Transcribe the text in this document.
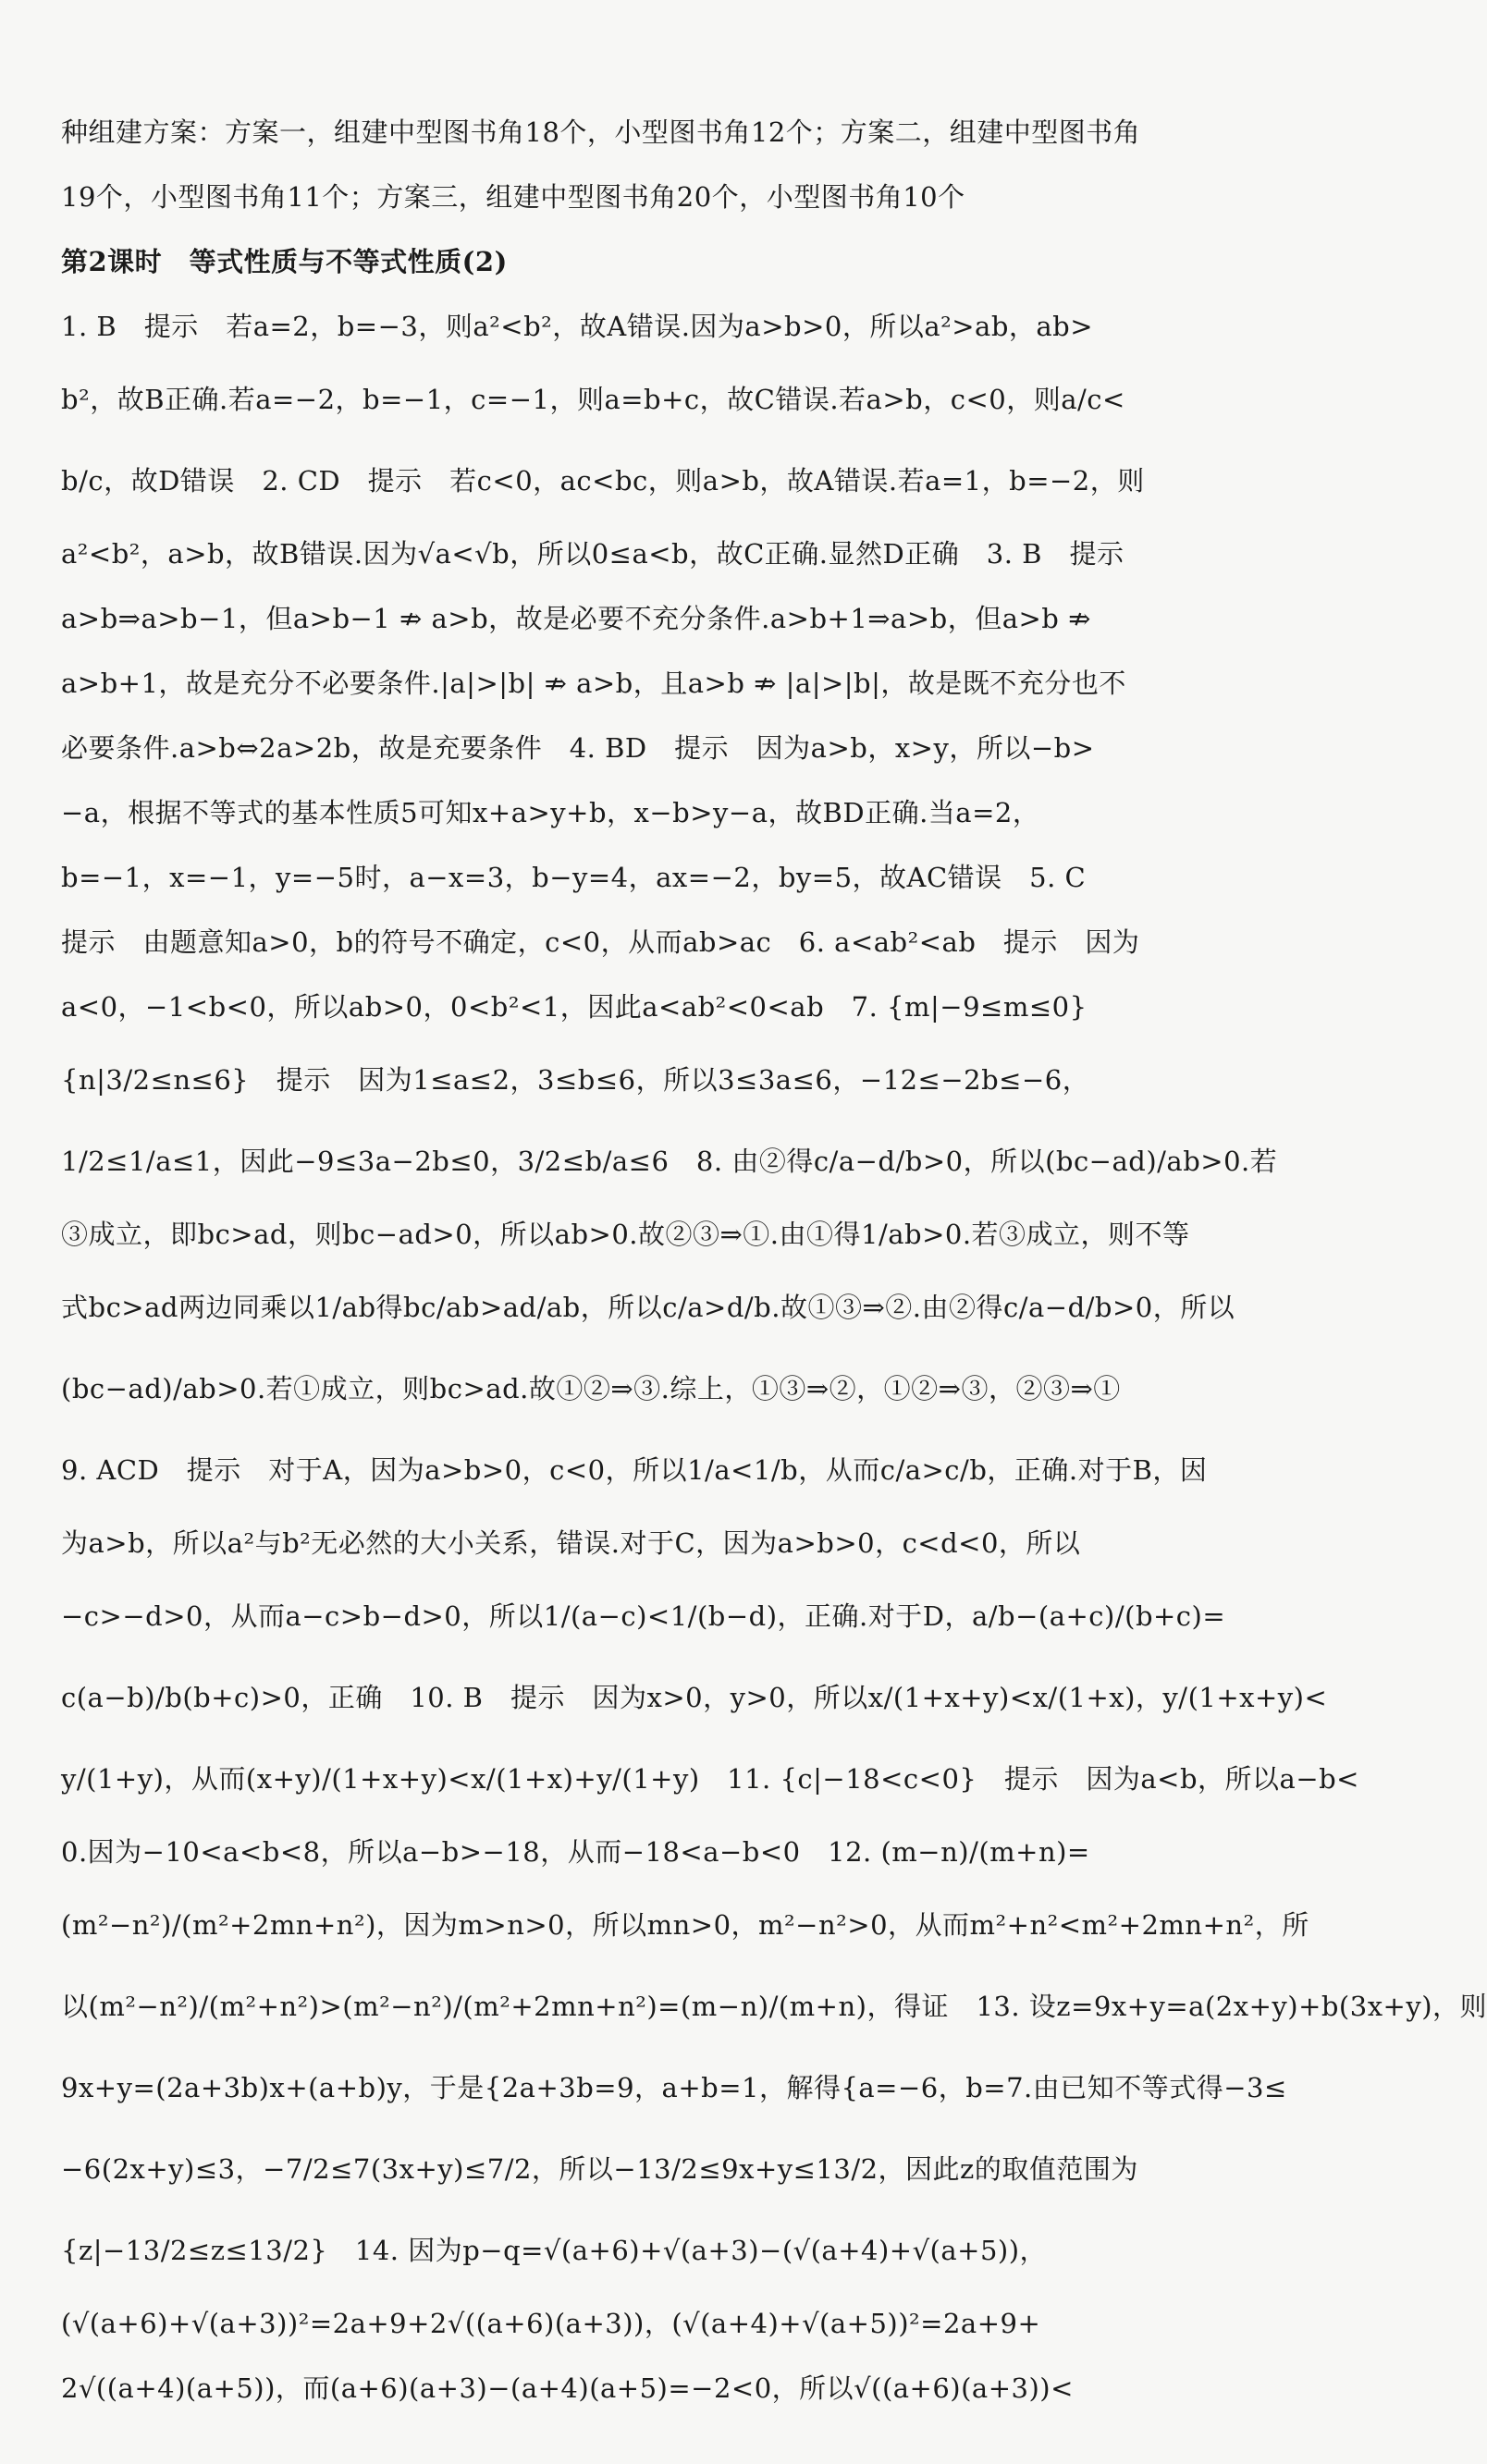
种组建方案：方案一，组建中型图书角18个，小型图书角12个；方案二，组建中型图书角
19个，小型图书角11个；方案三，组建中型图书角20个，小型图书角10个
第2课时　等式性质与不等式性质(2)
1. B　提示　若a=2，b=−3，则a²<b²，故A错误.因为a>b>0，所以a²>ab，ab>
b²，故B正确.若a=−2，b=−1，c=−1，则a=b+c，故C错误.若a>b，c<0，则a/c<
b/c，故D错误　2. CD　提示　若c<0，ac<bc，则a>b，故A错误.若a=1，b=−2，则
a²<b²，a>b，故B错误.因为√a<√b，所以0≤a<b，故C正确.显然D正确　3. B　提示
a>b⇒a>b−1，但a>b−1 ⇏ a>b，故是必要不充分条件.a>b+1⇒a>b，但a>b ⇏
a>b+1，故是充分不必要条件.|a|>|b| ⇏ a>b，且a>b ⇏ |a|>|b|，故是既不充分也不
必要条件.a>b⇔2a>2b，故是充要条件　4. BD　提示　因为a>b，x>y，所以−b>
−a，根据不等式的基本性质5可知x+a>y+b，x−b>y−a，故BD正确.当a=2，
b=−1，x=−1，y=−5时，a−x=3，b−y=4，ax=−2，by=5，故AC错误　5. C
提示　由题意知a>0，b的符号不确定，c<0，从而ab>ac　6. a<ab²<ab　提示　因为
a<0，−1<b<0，所以ab>0，0<b²<1，因此a<ab²<0<ab　7. {m|−9≤m≤0}
{n|3/2≤n≤6}　提示　因为1≤a≤2，3≤b≤6，所以3≤3a≤6，−12≤−2b≤−6，
1/2≤1/a≤1，因此−9≤3a−2b≤0，3/2≤b/a≤6　8. 由②得c/a−d/b>0，所以(bc−ad)/ab>0.若
③成立，即bc>ad，则bc−ad>0，所以ab>0.故②③⇒①.由①得1/ab>0.若③成立，则不等
式bc>ad两边同乘以1/ab得bc/ab>ad/ab，所以c/a>d/b.故①③⇒②.由②得c/a−d/b>0，所以
(bc−ad)/ab>0.若①成立，则bc>ad.故①②⇒③.综上，①③⇒②，①②⇒③，②③⇒①
9. ACD　提示　对于A，因为a>b>0，c<0，所以1/a<1/b，从而c/a>c/b，正确.对于B，因
为a>b，所以a²与b²无必然的大小关系，错误.对于C，因为a>b>0，c<d<0，所以
−c>−d>0，从而a−c>b−d>0，所以1/(a−c)<1/(b−d)，正确.对于D，a/b−(a+c)/(b+c)=
c(a−b)/b(b+c)>0，正确　10. B　提示　因为x>0，y>0，所以x/(1+x+y)<x/(1+x)，y/(1+x+y)<
y/(1+y)，从而(x+y)/(1+x+y)<x/(1+x)+y/(1+y)　11. {c|−18<c<0}　提示　因为a<b，所以a−b<
0.因为−10<a<b<8，所以a−b>−18，从而−18<a−b<0　12. (m−n)/(m+n)=
(m²−n²)/(m²+2mn+n²)，因为m>n>0，所以mn>0，m²−n²>0，从而m²+n²<m²+2mn+n²，所
以(m²−n²)/(m²+n²)>(m²−n²)/(m²+2mn+n²)=(m−n)/(m+n)，得证　13. 设z=9x+y=a(2x+y)+b(3x+y)，则
9x+y=(2a+3b)x+(a+b)y，于是{2a+3b=9，a+b=1，解得{a=−6，b=7.由已知不等式得−3≤
−6(2x+y)≤3，−7/2≤7(3x+y)≤7/2，所以−13/2≤9x+y≤13/2，因此z的取值范围为
{z|−13/2≤z≤13/2}　14. 因为p−q=√(a+6)+√(a+3)−(√(a+4)+√(a+5))，
(√(a+6)+√(a+3))²=2a+9+2√((a+6)(a+3))，(√(a+4)+√(a+5))²=2a+9+
2√((a+4)(a+5))，而(a+6)(a+3)−(a+4)(a+5)=−2<0，所以√((a+6)(a+3))<
